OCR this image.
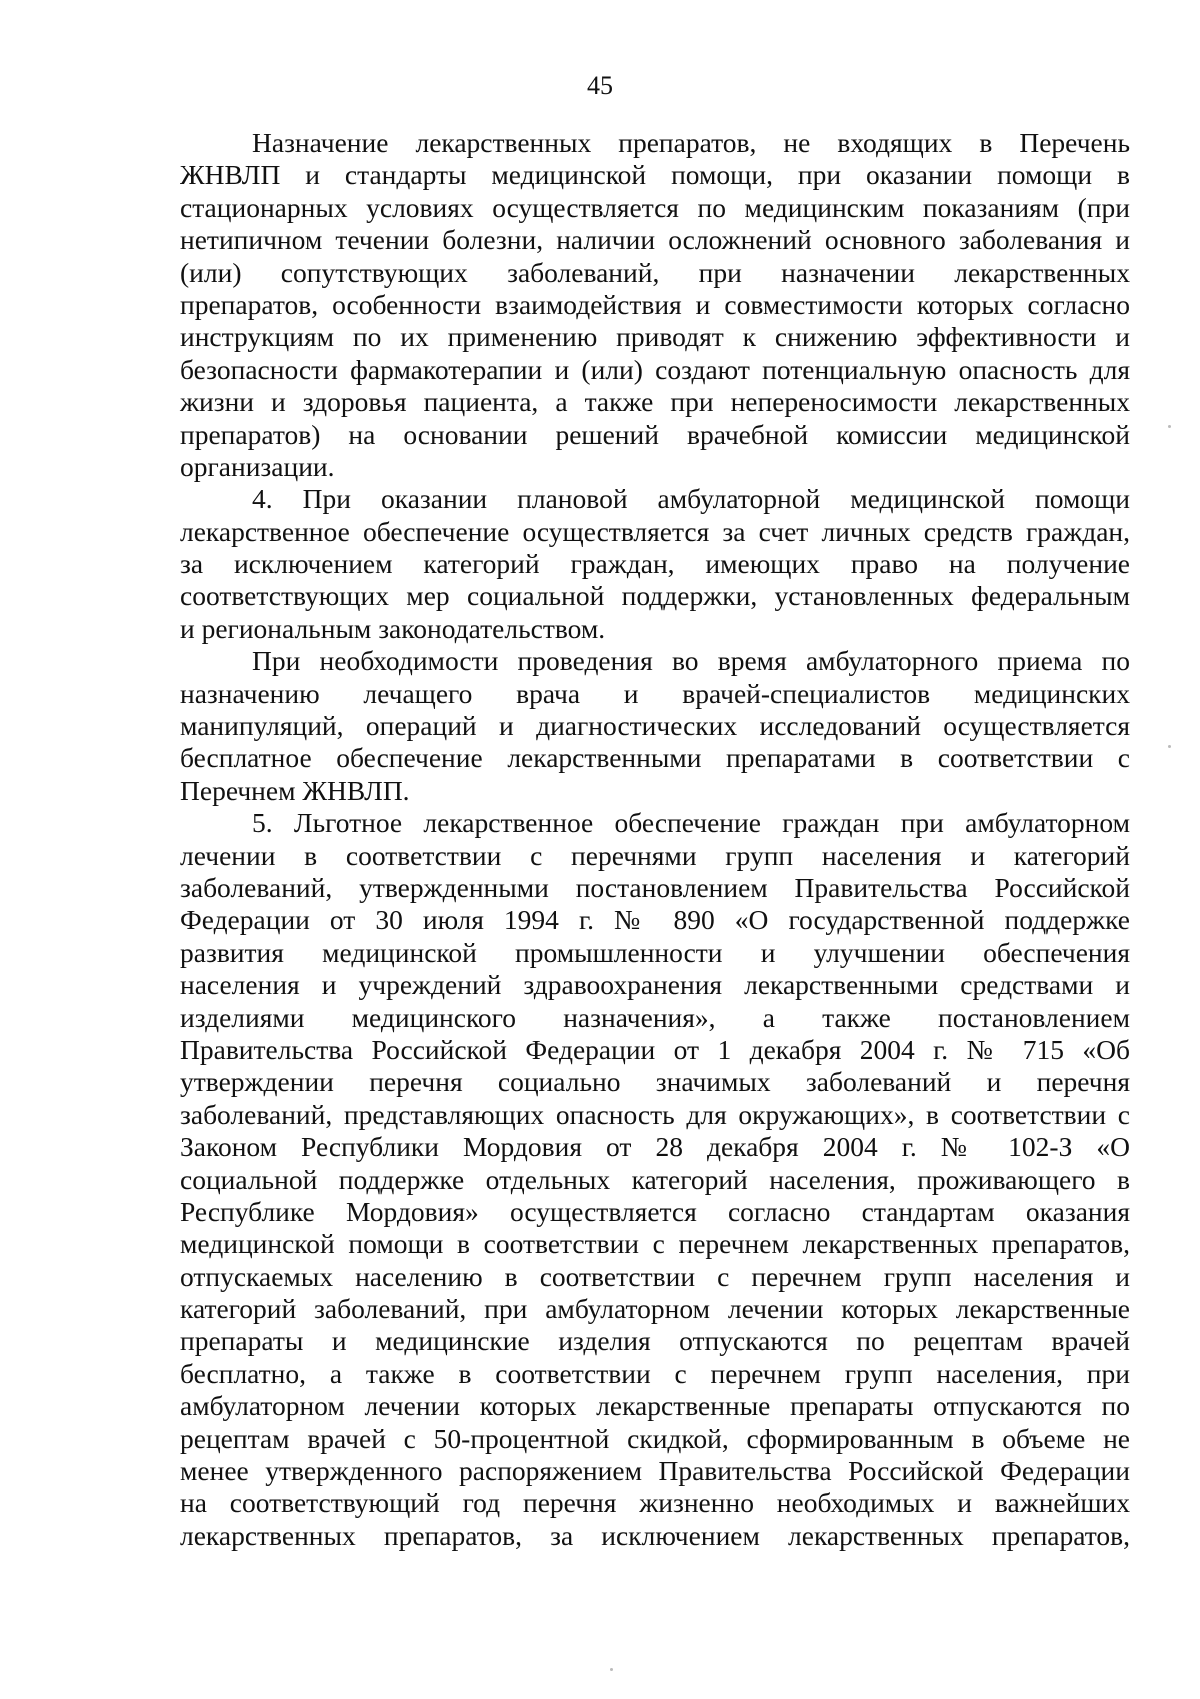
45
Назначение лекарственных препаратов, не входящих в Перечень
ЖНВЛП и стандарты медицинской помощи, при оказании помощи в
стационарных условиях осуществляется по медицинским показаниям (при
нетипичном течении болезни, наличии осложнений основного заболевания и
(или) сопутствующих заболеваний, при назначении лекарственных
препаратов, особенности взаимодействия и совместимости которых согласно
инструкциям по их применению приводят к снижению эффективности и
безопасности фармакотерапии и (или) создают потенциальную опасность для
жизни и здоровья пациента, а также при непереносимости лекарственных
препаратов) на основании решений врачебной комиссии медицинской
организации.
4. При оказании плановой амбулаторной медицинской помощи
лекарственное обеспечение осуществляется за счет личных средств граждан,
за исключением категорий граждан, имеющих право на получение
соответствующих мер социальной поддержки, установленных федеральным
и региональным законодательством.
При необходимости проведения во время амбулаторного приема по
назначению лечащего врача и врачей-специалистов медицинских
манипуляций, операций и диагностических исследований осуществляется
бесплатное обеспечение лекарственными препаратами в соответствии с
Перечнем ЖНВЛП.
5. Льготное лекарственное обеспечение граждан при амбулаторном
лечении в соответствии с перечнями групп населения и категорий
заболеваний, утвержденными постановлением Правительства Российской
Федерации от 30 июля 1994 г. № 890 «О государственной поддержке
развития медицинской промышленности и улучшении обеспечения
населения и учреждений здравоохранения лекарственными средствами и
изделиями медицинского назначения», а также постановлением
Правительства Российской Федерации от 1 декабря 2004 г. № 715 «Об
утверждении перечня социально значимых заболеваний и перечня
заболеваний, представляющих опасность для окружающих», в соответствии с
Законом Республики Мордовия от 28 декабря 2004 г. № 102-З «О
социальной поддержке отдельных категорий населения, проживающего в
Республике Мордовия» осуществляется согласно стандартам оказания
медицинской помощи в соответствии с перечнем лекарственных препаратов,
отпускаемых населению в соответствии с перечнем групп населения и
категорий заболеваний, при амбулаторном лечении которых лекарственные
препараты и медицинские изделия отпускаются по рецептам врачей
бесплатно, а также в соответствии с перечнем групп населения, при
амбулаторном лечении которых лекарственные препараты отпускаются по
рецептам врачей с 50-процентной скидкой, сформированным в объеме не
менее утвержденного распоряжением Правительства Российской Федерации
на соответствующий год перечня жизненно необходимых и важнейших
лекарственных препаратов, за исключением лекарственных препаратов,
